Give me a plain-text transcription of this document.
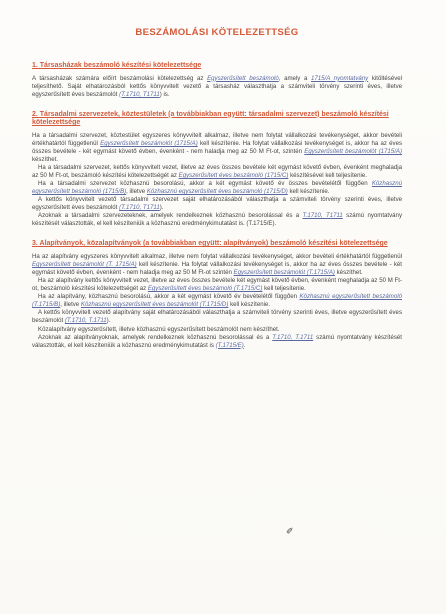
BESZÁMOLÁSI KÖTELEZETTSÉG
1. Társasházak beszámoló készítési kötelezettsége

A társasházak számára előírt beszámolási kötelezettség az Egyszerűsített beszámoló, amely a 1715/A nyomtatvány kitöltésével teljesíthető. Saját elhatározásból kettős könyvvitelt vezető a társasház választhatja a számviteli törvény szerinti éves, illetve egyszerűsített éves beszámolót (T.1710, T1711) is.

2. Társadalmi szervezetek, köztestületek (a továbbiakban együtt: társadalmi szervezet) beszámoló készítési kötelezettsége

Ha a társadalmi szervezet, köztestület egyszeres könyvvitelt alkalmaz, illetve nem folytat vállalkozási tevékenységet, akkor bevételi értékhatártól függetlenül Egyszerűsített beszámolót (1715/A) kell készítenie. Ha folytat vállalkozási tevékenységet is, akkor ha az éves összes bevétele - két egymást követő évben, évenként - nem haladja meg az 50 M Ft-ot, szintén Egyszerűsített beszámolót (1715/A) készíthet.

Ha a társadalmi szervezet, kettős könyvvitelt vezet, illetve az éves összes bevétele két egymást követő évben, évenként meghaladja az 50 M Ft-ot, beszámoló készítési kötelezettségét az Egyszerűsített éves beszámoló (1715/C) készítésével kell teljesítenie.

Ha a társadalmi szervezet közhasznú besorolású, akkor a két egymást követő év összes bevételétől függően Közhasznú egyszerűsített beszámoló (1715/B), illetve Közhasznú egyszerűsített éves beszámoló (1715/D) kell készítenie.

A kettős könyvvitelt vezető társadalmi szervezet saját elhatározásából választhatja a számviteli törvény szerinti éves, illetve egyszerűsített éves beszámolót (T.1710, T1711).

Azoknak a társadalmi szervezeteknek, amelyek rendelkeznek közhasznú besorolással és a T.1710, T1711 számú nyomtatvány készítését választották, el kell készíteniük a közhasznú eredménykimutatást is. (T.1715/E).

3. Alapítványok, közalapítványok (a továbbiakban együtt: alapítványok) beszámoló készítési kötelezettsége

Ha az alapítvány egyszeres könyvvitelt alkalmaz, illetve nem folytat vállalkozási tevékenységet, akkor bevételi értékhatártól függetlenül Egyszerűsített beszámolót (T. 1715/A) kell készítenie. Ha folytat vállalkozási tevékenységet is, akkor ha az éves összes bevétele - két egymást követő évben, évenként - nem haladja meg az 50 M Ft-ot szintén Egyszerűsített beszámolót (T.1715/A) készíthet.

Ha az alapítvány kettős könyvvitelt vezet, illetve az éves összes bevétele két egymást követő évben, évenként meghaladja az 50 M Ft-ot, beszámoló készítési kötelezettségét az Egyszerűsített éves beszámoló (T.1715/C) kell teljesítenie.

Ha az alapítvány, közhasznú besorolású, akkor a két egymást követő év bevételétől függően Közhasznú egyszerűsített beszámoló (T.1715/B), illetve Közhasznú egyszerűsített éves beszámolót (T.1715/D) kell készítenie.

A kettős könyvvitelt vezető alapítvány saját elhatározásából választhatja a számviteli törvény szerinti éves, illetve egyszerűsített éves beszámolót (T.1710, T.1711).

Közalapítvány egyszerűsített, illetve közhasznú egyszerűsített beszámolót nem készíthet.

Azoknak az alapítványoknak, amelyek rendelkeznek közhasznú besorolással és a T.1710, T.1711 számú nyomtatvány készítését választották, el kell készíteniük a közhasznú eredménykimutatást is (T.1715/E).

✐
